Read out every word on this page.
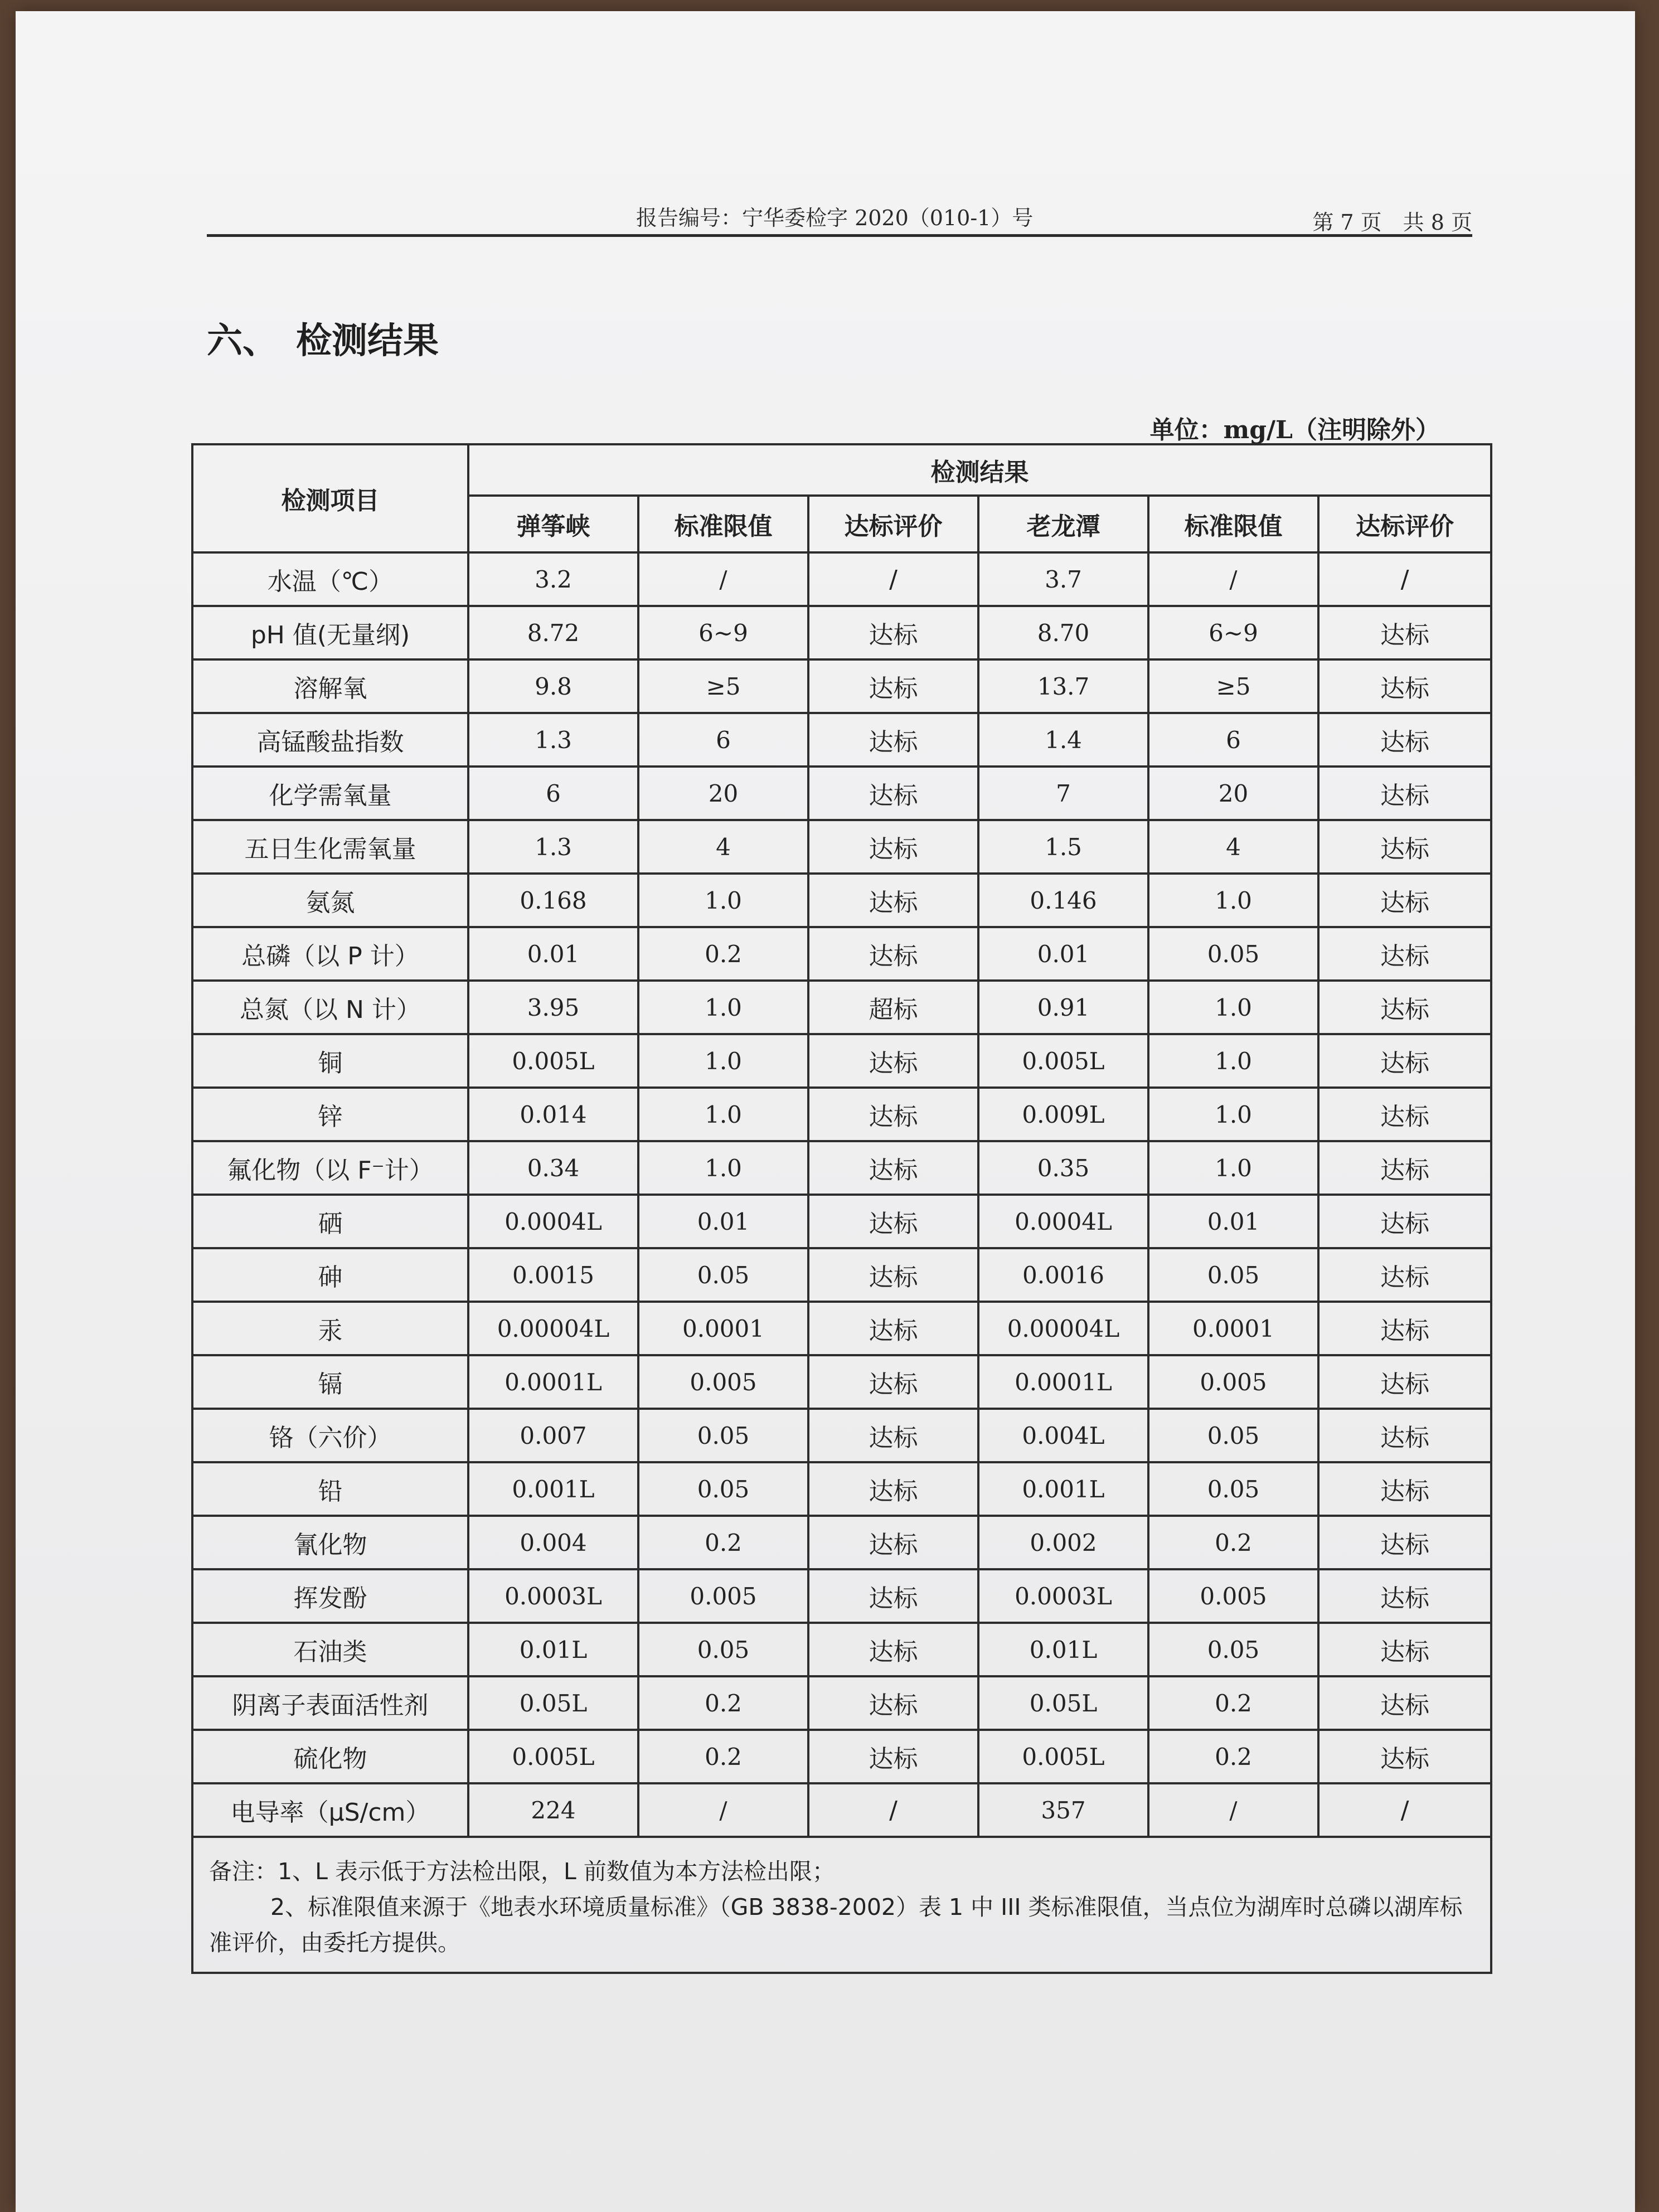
报告编号：宁华委检字 2020（010-1）号	第 7 页　共 8 页
六、　检测结果
单位：mg/L（注明除外）
检测项目	检测结果					
	弹筝峡	标准限值	达标评价	老龙潭	标准限值	达标评价
水温（℃）	3.2	/	/	3.7	/	/
pH 值(无量纲)	8.72	6~9	达标	8.70	6~9	达标
溶解氧	9.8	≥5	达标	13.7	≥5	达标
高锰酸盐指数	1.3	6	达标	1.4	6	达标
化学需氧量	6	20	达标	7	20	达标
五日生化需氧量	1.3	4	达标	1.5	4	达标
氨氮	0.168	1.0	达标	0.146	1.0	达标
总磷（以 P 计）	0.01	0.2	达标	0.01	0.05	达标
总氮（以 N 计）	3.95	1.0	超标	0.91	1.0	达标
铜	0.005L	1.0	达标	0.005L	1.0	达标
锌	0.014	1.0	达标	0.009L	1.0	达标
氟化物（以 F⁻计）	0.34	1.0	达标	0.35	1.0	达标
硒	0.0004L	0.01	达标	0.0004L	0.01	达标
砷	0.0015	0.05	达标	0.0016	0.05	达标
汞	0.00004L	0.0001	达标	0.00004L	0.0001	达标
镉	0.0001L	0.005	达标	0.0001L	0.005	达标
铬（六价）	0.007	0.05	达标	0.004L	0.05	达标
铅	0.001L	0.05	达标	0.001L	0.05	达标
氰化物	0.004	0.2	达标	0.002	0.2	达标
挥发酚	0.0003L	0.005	达标	0.0003L	0.005	达标
石油类	0.01L	0.05	达标	0.01L	0.05	达标
阴离子表面活性剂	0.05L	0.2	达标	0.05L	0.2	达标
硫化物	0.005L	0.2	达标	0.005L	0.2	达标
电导率（μS/cm）	224	/	/	357	/	/

备注：1、L 表示低于方法检出限，L 前数值为本方法检出限；
2、标准限值来源于《地表水环境质量标准》（GB 3838-2002）表 1 中 III 类标准限值，当点位为湖库时总磷以湖库标准评价，由委托方提供。						
